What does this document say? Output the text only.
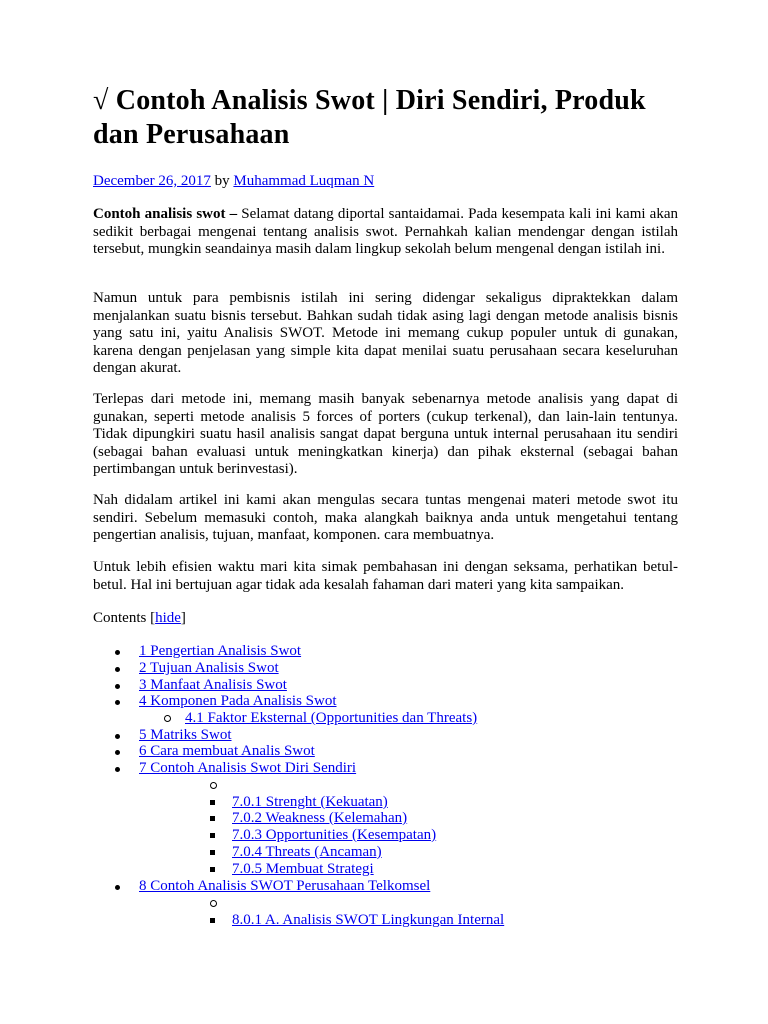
√ Contoh Analisis Swot | Diri Sendiri, Produk dan Perusahaan
December 26, 2017 by Muhammad Luqman N

Contoh analisis swot – Selamat datang diportal santaidamai. Pada kesempata kali ini kami akan sedikit berbagai mengenai tentang analisis swot. Pernahkah kalian mendengar dengan istilah tersebut, mungkin seandainya masih dalam lingkup sekolah belum mengenal dengan istilah ini.

Namun untuk para pembisnis istilah ini sering didengar sekaligus dipraktekkan dalam menjalankan suatu bisnis tersebut. Bahkan sudah tidak asing lagi dengan metode analisis bisnis yang satu ini, yaitu Analisis SWOT. Metode ini memang cukup populer untuk di gunakan, karena dengan penjelasan yang simple kita dapat menilai suatu perusahaan secara keseluruhan dengan akurat.

Terlepas dari metode ini, memang masih banyak sebenarnya metode analisis yang dapat di gunakan, seperti metode analisis 5 forces of porters (cukup terkenal), dan lain-lain tentunya. Tidak dipungkiri suatu hasil analisis sangat dapat berguna untuk internal perusahaan itu sendiri (sebagai bahan evaluasi untuk meningkatkan kinerja) dan pihak eksternal (sebagai bahan pertimbangan untuk berinvestasi).

Nah didalam artikel ini kami akan mengulas secara tuntas mengenai materi metode swot itu sendiri. Sebelum memasuki contoh, maka alangkah baiknya anda untuk mengetahui tentang pengertian analisis, tujuan, manfaat, komponen. cara membuatnya.

Untuk lebih efisien waktu mari kita simak pembahasan ini dengan seksama, perhatikan betul-betul. Hal ini bertujuan agar tidak ada kesalah fahaman dari materi yang kita sampaikan.

Contents [hide]
1 Pengertian Analisis Swot
2 Tujuan Analisis Swot
3 Manfaat Analisis Swot
4 Komponen Pada Analisis Swot
4.1 Faktor Eksternal (Opportunities dan Threats)
5 Matriks Swot
6 Cara membuat Analis Swot
7 Contoh Analisis Swot Diri Sendiri
7.0.1 Strenght (Kekuatan)
7.0.2 Weakness (Kelemahan)
7.0.3 Opportunities (Kesempatan)
7.0.4 Threats (Ancaman)
7.0.5 Membuat Strategi
8 Contoh Analisis SWOT Perusahaan Telkomsel
8.0.1 A. Analisis SWOT Lingkungan Internal
